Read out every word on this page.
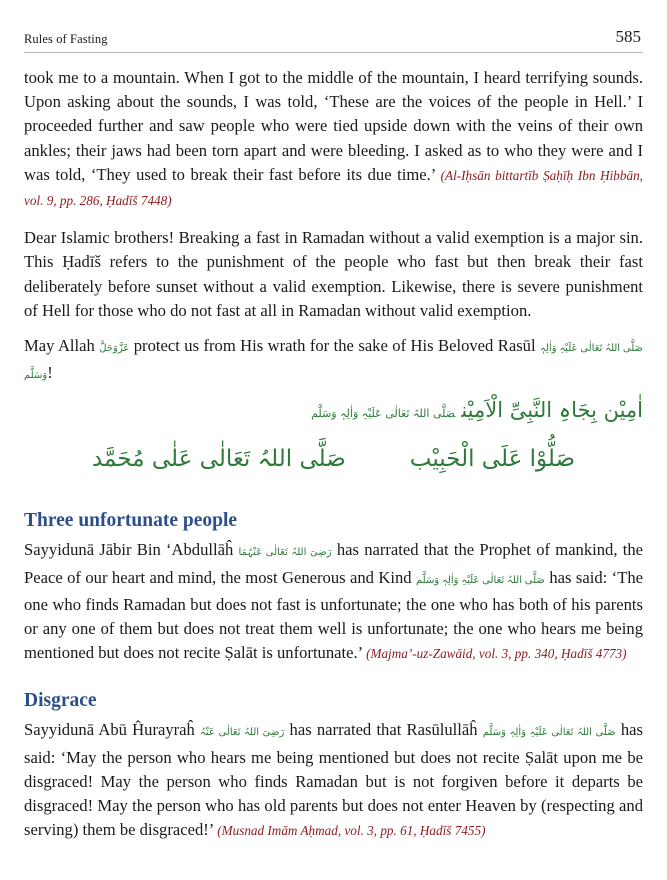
Rules of Fasting	585

took me to a mountain. When I got to the middle of the mountain, I heard terrifying sounds. Upon asking about the sounds, I was told, ‘These are the voices of the people in Hell.’ I proceeded further and saw people who were tied upside down with the veins of their own ankles; their jaws had been torn apart and were bleeding. I asked as to who they were and I was told, ‘They used to break their fast before its due time.’ (Al-Iḥsān bittartīb Ṣaḥīḥ Ibn Ḥibbān, vol. 9, pp. 286, Ḥadīš 7448)

Dear Islamic brothers! Breaking a fast in Ramadan without a valid exemption is a major sin. This Ḥadīš refers to the punishment of the people who fast but then break their fast deliberately before sunset without a valid exemption. Likewise, there is severe punishment of Hell for those who do not fast at all in Ramadan without valid exemption.

May Allah عَزَّوَجَلَّ protect us from His wrath for the sake of His Beloved Rasūl صَلَّی اللہُ تَعَالٰی عَلَیْہِ وَاٰلِہٖ وَسَلَّم!

اٰمِیْن بِجَاہِ النَّبِیِّ الْاَمِیْنصَلَّی اللہُ تَعَالٰی عَلَیْہِ وَاٰلِہٖ وَسَلَّم
صَلُّوْا عَلَی الْحَبِیْب
صَلَّی اللہُ تَعَالٰی عَلٰی مُحَمَّد
Three unfortunate people

Sayyidunā Jābir Bin ‘Abdullāĥ رَضِیَ اللہُ تَعَالٰی عَنْہُمَا has narrated that the Prophet of mankind, the Peace of our heart and mind, the most Generous and Kind صَلَّی اللہُ تَعَالٰی عَلَیْہِ وَاٰلِہٖ وَسَلَّم has said: ‘The one who finds Ramadan but does not fast is unfortunate; the one who has both of his parents or any one of them but does not treat them well is unfortunate; the one who hears me being mentioned but does not recite Ṣalāt is unfortunate.’ (Majma’-uz-Zawāid, vol. 3, pp. 340, Ḥadīš 4773)

Disgrace

Sayyidunā Abū Ĥurayraĥ رَضِیَ اللہُ تَعَالٰی عَنْہُ has narrated that Rasūlullāĥ صَلَّی اللہُ تَعَالٰی عَلَیْہِ وَاٰلِہٖ وَسَلَّم has said: ‘May the person who hears me being mentioned but does not recite Ṣalāt upon me be disgraced! May the person who finds Ramadan but is not forgiven before it departs be disgraced! May the person who has old parents but does not enter Heaven by (respecting and serving) them be disgraced!’ (Musnad Imām Aḥmad, vol. 3, pp. 61, Ḥadīš 7455)
